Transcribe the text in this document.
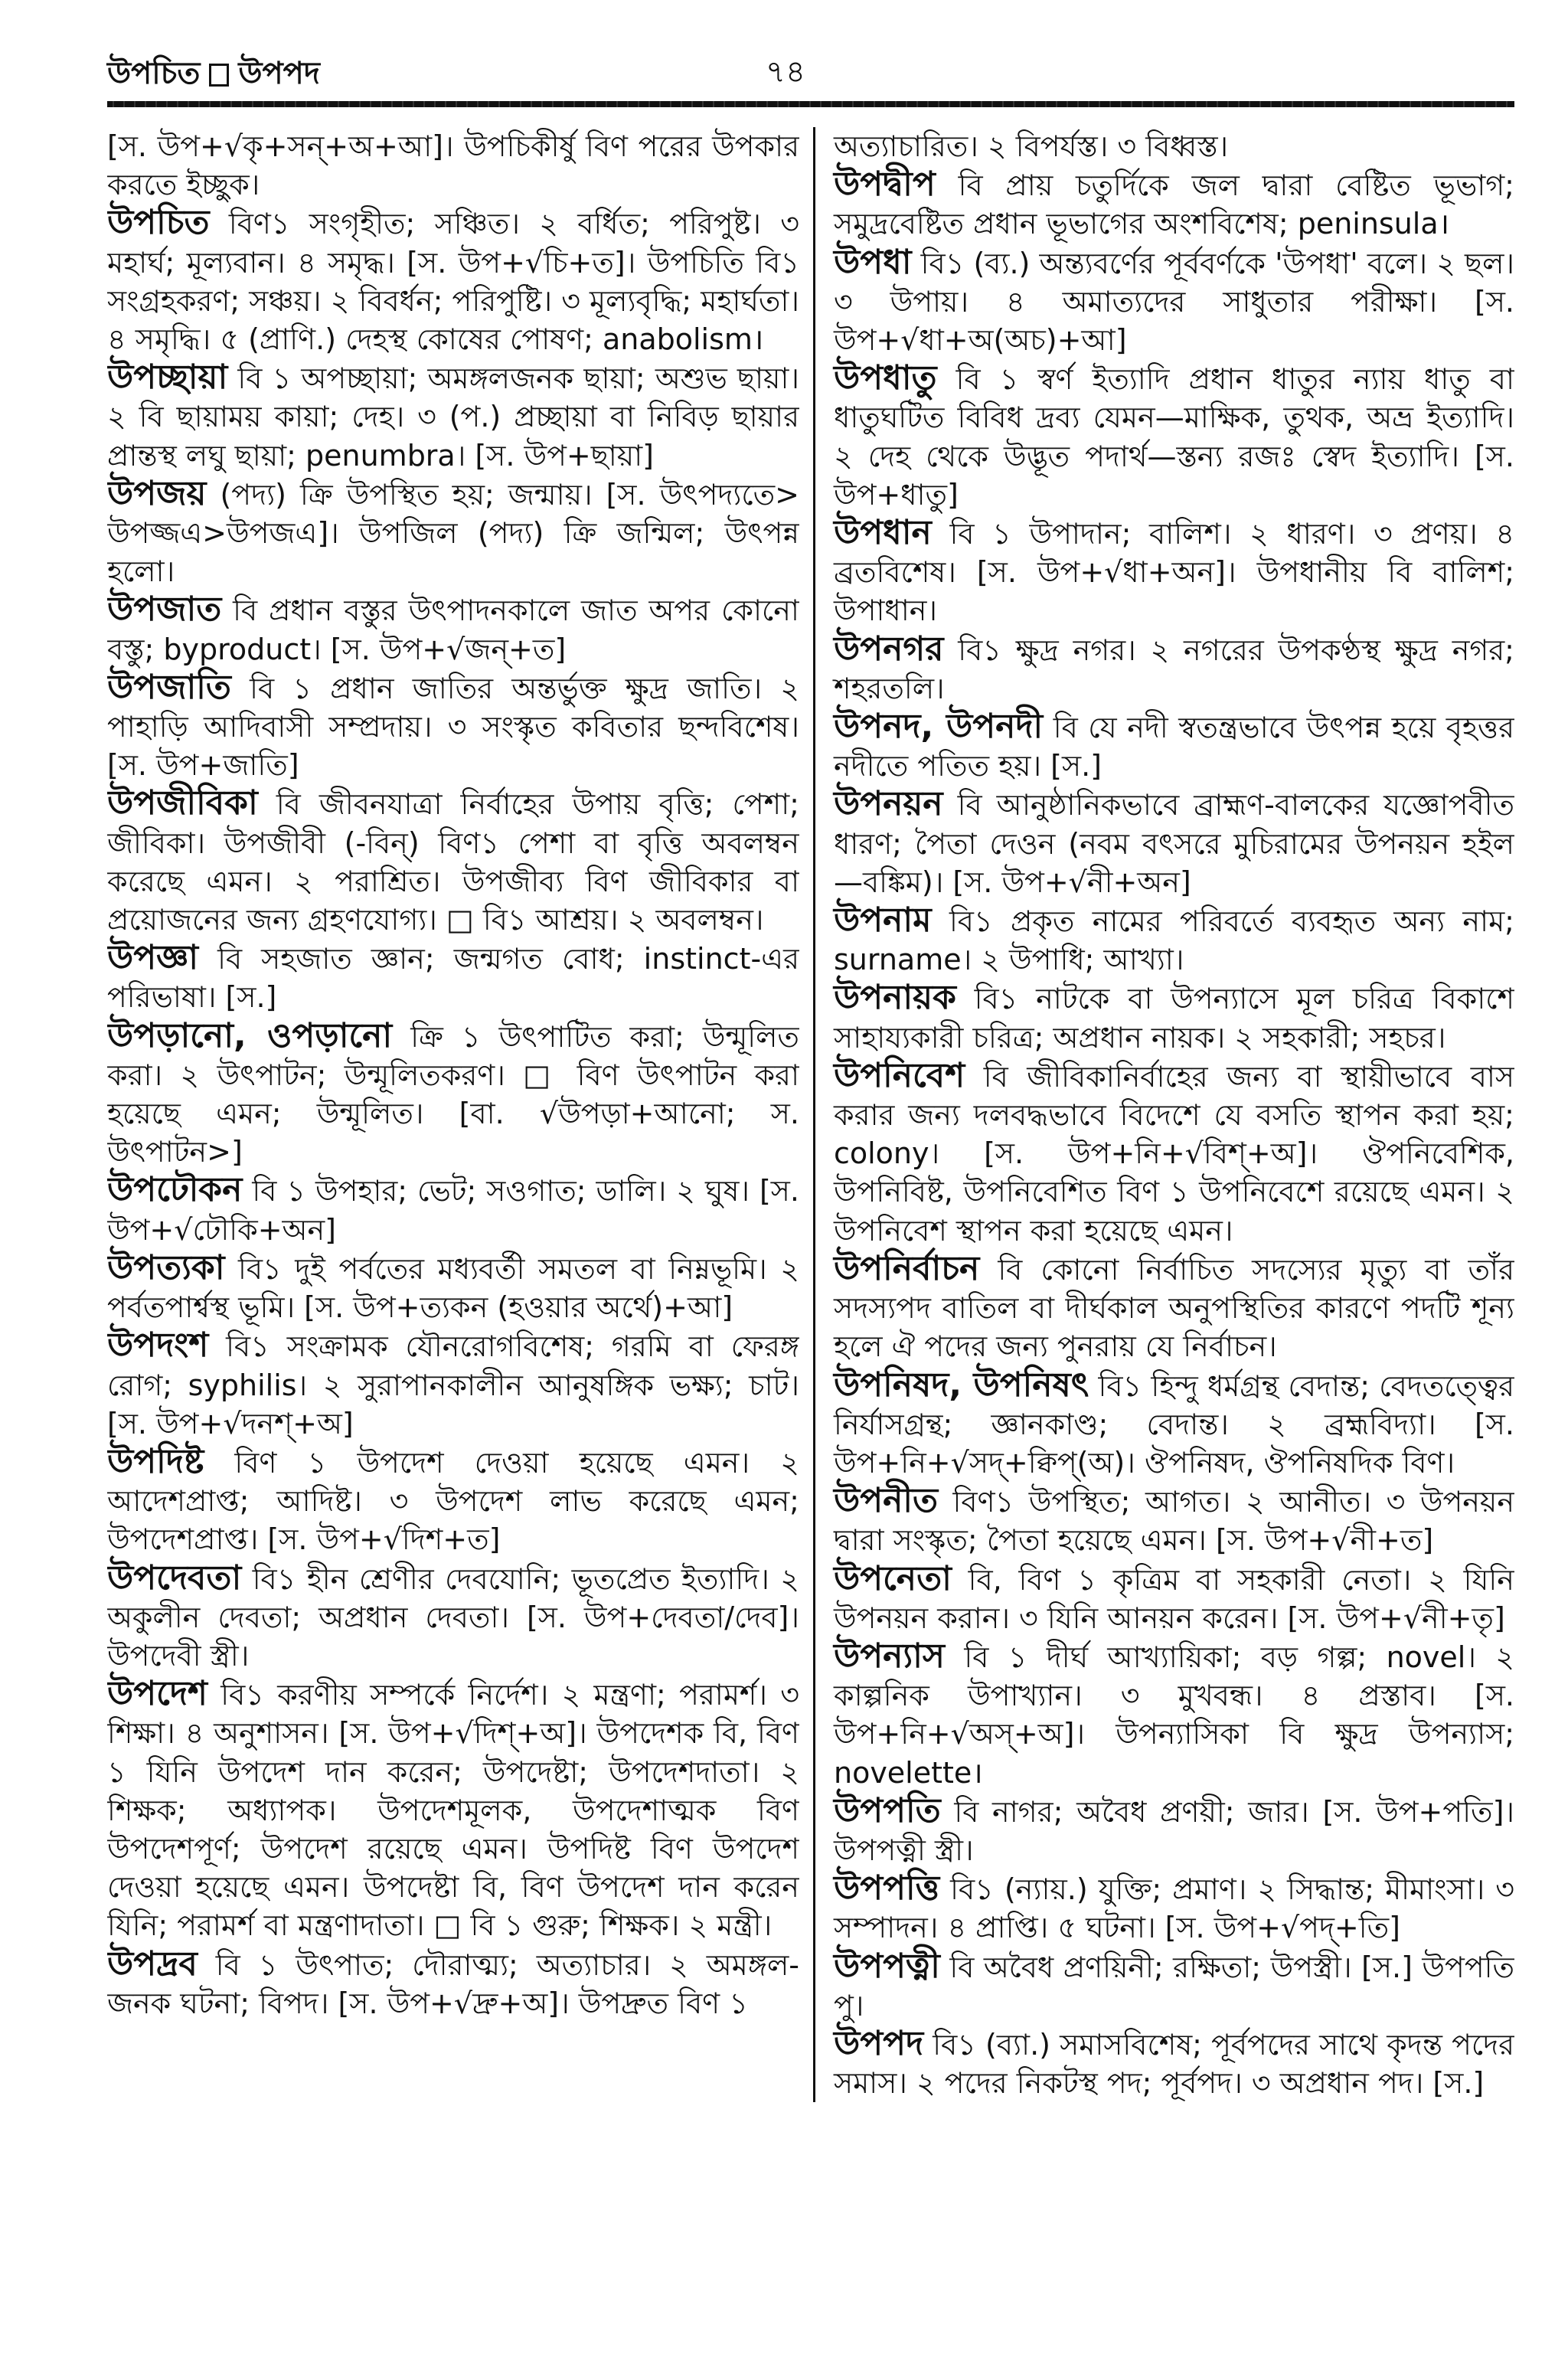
উপচিত উপপদ	৭৪

[স. উপ+√কৃ+সন্+অ+আ]। উপচিকীর্ষু বিণ পরের উপকার করতে ইচ্ছুক।

উপচিত বিণ১ সংগৃহীত; সঞ্চিত। ২ বর্ধিত; পরিপুষ্ট। ৩ মহার্ঘ; মূল্যবান। ৪ সমৃদ্ধ। [স. উপ+√চি+ত]। উপচিতি বি১ সংগ্রহকরণ; সঞ্চয়। ২ বিবর্ধন; পরিপুষ্টি। ৩ মূল্যবৃদ্ধি; মহার্ঘতা। ৪ সমৃদ্ধি। ৫ (প্রাণি.) দেহস্থ কোষের পোষণ; anabolism।

উপচ্ছায়া বি ১ অপচ্ছায়া; অমঙ্গলজনক ছায়া; অশুভ ছায়া। ২ বি ছায়াময় কায়া; দেহ। ৩ (প.) প্রচ্ছায়া বা নিবিড় ছায়ার প্রান্তস্থ লঘু ছায়া; penumbra। [স. উপ+ছায়া]

উপজয় (পদ্য) ক্রি উপস্থিত হয়; জন্মায়। [স. উৎপদ্যতে> উপজ্জএ>উপজএ]। উপজিল (পদ্য) ক্রি জন্মিল; উৎপন্ন হলো।

উপজাত বি প্রধান বস্তুর উৎপাদনকালে জাত অপর কোনো বস্তু; byproduct। [স. উপ+√জন্+ত]

উপজাতি বি ১ প্রধান জাতির অন্তর্ভুক্ত ক্ষুদ্র জাতি। ২ পাহাড়ি আদিবাসী সম্প্রদায়। ৩ সংস্কৃত কবিতার ছন্দবিশেষ। [স. উপ+জাতি]

উপজীবিকা বি জীবনযাত্রা নির্বাহের উপায় বৃত্তি; পেশা; জীবিকা। উপজীবী (-বিন্) বিণ১ পেশা বা বৃত্তি অবলম্বন করেছে এমন। ২ পরাশ্রিত। উপজীব্য বিণ জীবিকার বা প্রয়োজনের জন্য গ্রহণযোগ্য। □ বি১ আশ্রয়। ২ অবলম্বন।

উপজ্ঞা বি সহজাত জ্ঞান; জন্মগত বোধ; instinct-এর পরিভাষা। [স.]

উপড়ানো, ওপড়ানো ক্রি ১ উৎপাটিত করা; উন্মূলিত করা। ২ উৎপাটন; উন্মূলিতকরণ। □ বিণ উৎপাটন করা হয়েছে এমন; উন্মূলিত। [বা. √উপড়া+আনো; স. উৎপাটন>]

উপঢৌকন বি ১ উপহার; ভেট; সওগাত; ডালি। ২ ঘুষ। [স. উপ+√ঢৌকি+অন]

উপত্যকা বি১ দুই পর্বতের মধ্যবর্তী সমতল বা নিম্নভূমি। ২ পর্বতপার্শ্বস্থ ভূমি। [স. উপ+ত্যকন (হওয়ার অর্থে)+আ]

উপদংশ বি১ সংক্রামক যৌনরোগবিশেষ; গরমি বা ফেরঙ্গ রোগ; syphilis। ২ সুরাপানকালীন আনুষঙ্গিক ভক্ষ্য; চাট। [স. উপ+√দনশ্+অ]

উপদিষ্ট বিণ ১ উপদেশ দেওয়া হয়েছে এমন। ২ আদেশপ্রাপ্ত; আদিষ্ট। ৩ উপদেশ লাভ করেছে এমন; উপদেশপ্রাপ্ত। [স. উপ+√দিশ+ত]

উপদেবতা বি১ হীন শ্রেণীর দেবযোনি; ভূতপ্রেত ইত্যাদি। ২ অকুলীন দেবতা; অপ্রধান দেবতা। [স. উপ+দেবতা/দেব]। উপদেবী স্ত্রী।

উপদেশ বি১ করণীয় সম্পর্কে নির্দেশ। ২ মন্ত্রণা; পরামর্শ। ৩ শিক্ষা। ৪ অনুশাসন। [স. উপ+√দিশ্+অ]। উপদেশক বি, বিণ ১ যিনি উপদেশ দান করেন; উপদেষ্টা; উপদেশদাতা। ২ শিক্ষক; অধ্যাপক। উপদেশমূলক, উপদেশাত্মক বিণ উপদেশপূর্ণ; উপদেশ রয়েছে এমন। উপদিষ্ট বিণ উপদেশ দেওয়া হয়েছে এমন। উপদেষ্টা বি, বিণ উপদেশ দান করেন যিনি; পরামর্শ বা মন্ত্রণাদাতা। □ বি ১ গুরু; শিক্ষক। ২ মন্ত্রী।

উপদ্রব বি ১ উৎপাত; দৌরাত্ম্য; অত্যাচার। ২ অমঙ্গল-জনক ঘটনা; বিপদ। [স. উপ+√দ্রু+অ]। উপদ্রুত বিণ ১

অত্যাচারিত। ২ বিপর্যস্ত। ৩ বিধ্বস্ত।

উপদ্বীপ বি প্রায় চতুর্দিকে জল দ্বারা বেষ্টিত ভূভাগ; সমুদ্রবেষ্টিত প্রধান ভূভাগের অংশবিশেষ; peninsula।

উপধা বি১ (ব্য.) অন্ত্যবর্ণের পূর্ববর্ণকে 'উপধা' বলে। ২ ছল। ৩ উপায়। ৪ অমাত্যদের সাধুতার পরীক্ষা। [স. উপ+√ধা+অ(অচ)+আ]

উপধাতু বি ১ স্বর্ণ ইত্যাদি প্রধান ধাতুর ন্যায় ধাতু বা ধাতুঘটিত বিবিধ দ্রব্য যেমন—মাক্ষিক, তুথক, অভ্র ইত্যাদি। ২ দেহ থেকে উদ্ভূত পদার্থ—স্তন্য রজঃ স্বেদ ইত্যাদি। [স. উপ+ধাতু]

উপধান বি ১ উপাদান; বালিশ। ২ ধারণ। ৩ প্রণয়। ৪ ব্রতবিশেষ। [স. উপ+√ধা+অন]। উপধানীয় বি বালিশ; উপাধান।

উপনগর বি১ ক্ষুদ্র নগর। ২ নগরের উপকণ্ঠস্থ ক্ষুদ্র নগর; শহরতলি।

উপনদ, উপনদী বি যে নদী স্বতন্ত্রভাবে উৎপন্ন হয়ে বৃহত্তর নদীতে পতিত হয়। [স.]

উপনয়ন বি আনুষ্ঠানিকভাবে ব্রাহ্মণ-বালকের যজ্ঞোপবীত ধারণ; পৈতা দেওন (নবম বৎসরে মুচিরামের উপনয়ন হইল—বঙ্কিম)। [স. উপ+√নী+অন]

উপনাম বি১ প্রকৃত নামের পরিবর্তে ব্যবহৃত অন্য নাম; surname। ২ উপাধি; আখ্যা।

উপনায়ক বি১ নাটকে বা উপন্যাসে মূল চরিত্র বিকাশে সাহায্যকারী চরিত্র; অপ্রধান নায়ক। ২ সহকারী; সহচর।

উপনিবেশ বি জীবিকানির্বাহের জন্য বা স্থায়ীভাবে বাস করার জন্য দলবদ্ধভাবে বিদেশে যে বসতি স্থাপন করা হয়; colony। [স. উপ+নি+√বিশ্+অ]। ঔপনিবেশিক, উপনিবিষ্ট, উপনিবেশিত বিণ ১ উপনিবেশে রয়েছে এমন। ২ উপনিবেশ স্থাপন করা হয়েছে এমন।

উপনির্বাচন বি কোনো নির্বাচিত সদস্যের মৃত্যু বা তাঁর সদস্যপদ বাতিল বা দীর্ঘকাল অনুপস্থিতির কারণে পদটি শূন্য হলে ঐ পদের জন্য পুনরায় যে নির্বাচন।

উপনিষদ, উপনিষৎ বি১ হিন্দু ধর্মগ্রন্থ বেদান্ত; বেদতত্ত্বের নির্যাসগ্রন্থ; জ্ঞানকাণ্ড; বেদান্ত। ২ ব্রহ্মবিদ্যা। [স. উপ+নি+√সদ্+ক্বিপ্(অ)। ঔপনিষদ, ঔপনিষদিক বিণ।

উপনীত বিণ১ উপস্থিত; আগত। ২ আনীত। ৩ উপনয়ন দ্বারা সংস্কৃত; পৈতা হয়েছে এমন। [স. উপ+√নী+ত]

উপনেতা বি, বিণ ১ কৃত্রিম বা সহকারী নেতা। ২ যিনি উপনয়ন করান। ৩ যিনি আনয়ন করেন। [স. উপ+√নী+তৃ]

উপন্যাস বি ১ দীর্ঘ আখ্যায়িকা; বড় গল্প; novel। ২ কাল্পনিক উপাখ্যান। ৩ মুখবন্ধ। ৪ প্রস্তাব। [স. উপ+নি+√অস্+অ]। উপন্যাসিকা বি ক্ষুদ্র উপন্যাস; novelette।

উপপতি বি নাগর; অবৈধ প্রণয়ী; জার। [স. উপ+পতি]। উপপত্নী স্ত্রী।

উপপত্তি বি১ (ন্যায়.) যুক্তি; প্রমাণ। ২ সিদ্ধান্ত; মীমাংসা। ৩ সম্পাদন। ৪ প্রাপ্তি। ৫ ঘটনা। [স. উপ+√পদ্+তি]

উপপত্নী বি অবৈধ প্রণয়িনী; রক্ষিতা; উপস্ত্রী। [স.] উপপতি পু।

উপপদ বি১ (ব্যা.) সমাসবিশেষ; পূর্বপদের সাথে কৃদন্ত পদের সমাস। ২ পদের নিকটস্থ পদ; পূর্বপদ। ৩ অপ্রধান পদ। [স.]
